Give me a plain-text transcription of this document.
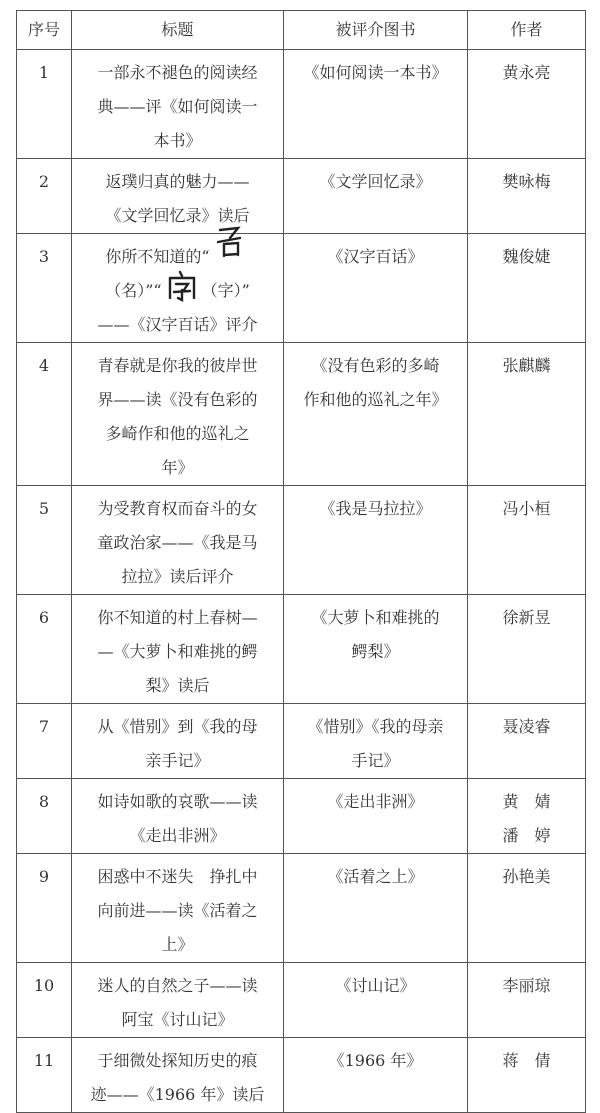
序号	标题	被评介图书	作者
1	一部永不褪色的阅读经
典——评《如何阅读一
本书》	《如何阅读一本书》	黄永亮

2	返璞归真的魅力——
《文学回忆录》读后	《文学回忆录》	樊咏梅

3	你所不知道的“
（名）”“ （字）”
——《汉字百话》评介	《汉字百话》	魏俊婕

4	青春就是你我的彼岸世
界——读《没有色彩的
多崎作和他的巡礼之
年》	《没有色彩的多崎
作和他的巡礼之年》	张麒麟

5	为受教育权而奋斗的女
童政治家——《我是马
拉拉》读后评介	《我是马拉拉》	冯小桓

6	你不知道的村上春树—
—《大萝卜和难挑的鳄
梨》读后	《大萝卜和难挑的
鳄梨》	徐新昱

7	从《惜别》到《我的母
亲手记》	《惜别》《我的母亲
手记》	聂凌睿

8	如诗如歌的哀歌——读
《走出非洲》	《走出非洲》	黄　婧
潘　婷

9	困惑中不迷失　挣扎中
向前进——读《活着之
上》	《活着之上》	孙艳美

10	迷人的自然之子——读
阿宝《讨山记》	《讨山记》	李丽琼

11	于细微处探知历史的痕
迹——《1966 年》读后	《1966 年》	蒋　倩
